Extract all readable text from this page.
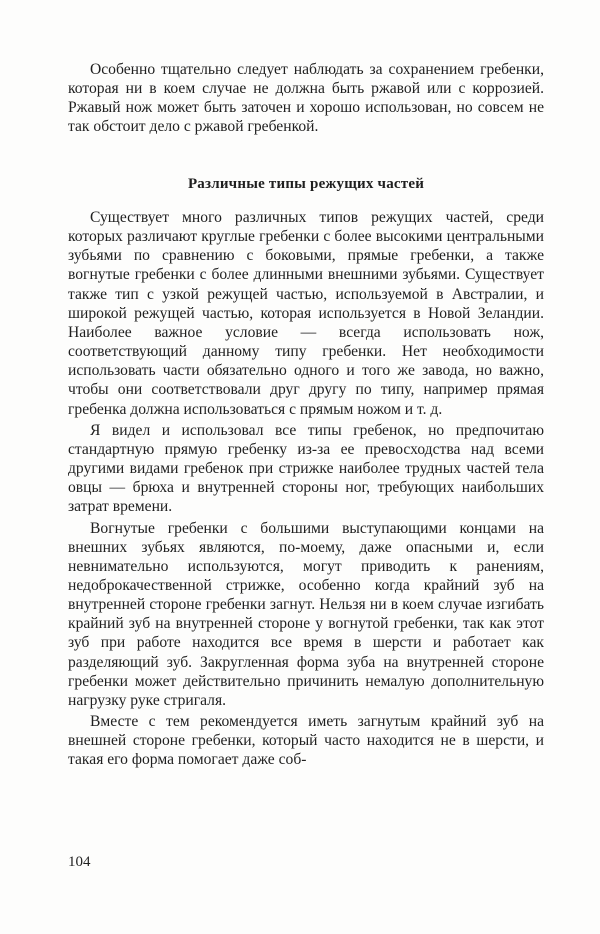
Особенно тщательно следует наблюдать за сохранением гребенки, которая ни в коем случае не должна быть ржавой или с коррозией. Ржавый нож может быть заточен и хорошо использован, но совсем не так обстоит дело с ржавой гребенкой.
Различные типы режущих частей

Существует много различных типов режущих частей, среди которых различают круглые гребенки с более высокими центральными зубьями по сравнению с боковыми, прямые гребенки, а также вогнутые гребенки с более длинными внешними зубьями. Существует также тип с узкой режущей частью, используемой в Австралии, и широкой режущей частью, которая используется в Новой Зеландии. Наиболее важное условие — всегда использовать нож, соответствующий данному типу гребенки. Нет необходимости использовать части обязательно одного и того же завода, но важно, чтобы они соответствовали друг другу по типу, например прямая гребенка должна использоваться с прямым ножом и т. д.

Я видел и использовал все типы гребенок, но предпочитаю стандартную прямую гребенку из-за ее превосходства над всеми другими видами гребенок при стрижке наиболее трудных частей тела овцы — брюха и внутренней стороны ног, требующих наибольших затрат времени.

Вогнутые гребенки с большими выступающими концами на внешних зубьях являются, по-моему, даже опасными и, если невнимательно используются, могут приводить к ранениям, недоброкачественной стрижке, особенно когда крайний зуб на внутренней стороне гребенки загнут. Нельзя ни в коем случае изгибать крайний зуб на внутренней стороне у вогнутой гребенки, так как этот зуб при работе находится все время в шерсти и работает как разделяющий зуб. Закругленная форма зуба на внутренней стороне гребенки может действительно причинить немалую дополнительную нагрузку руке стригаля.

Вместе с тем рекомендуется иметь загнутым крайний зуб на внешней стороне гребенки, который часто находится не в шерсти, и такая его форма помогает даже соб-

104
